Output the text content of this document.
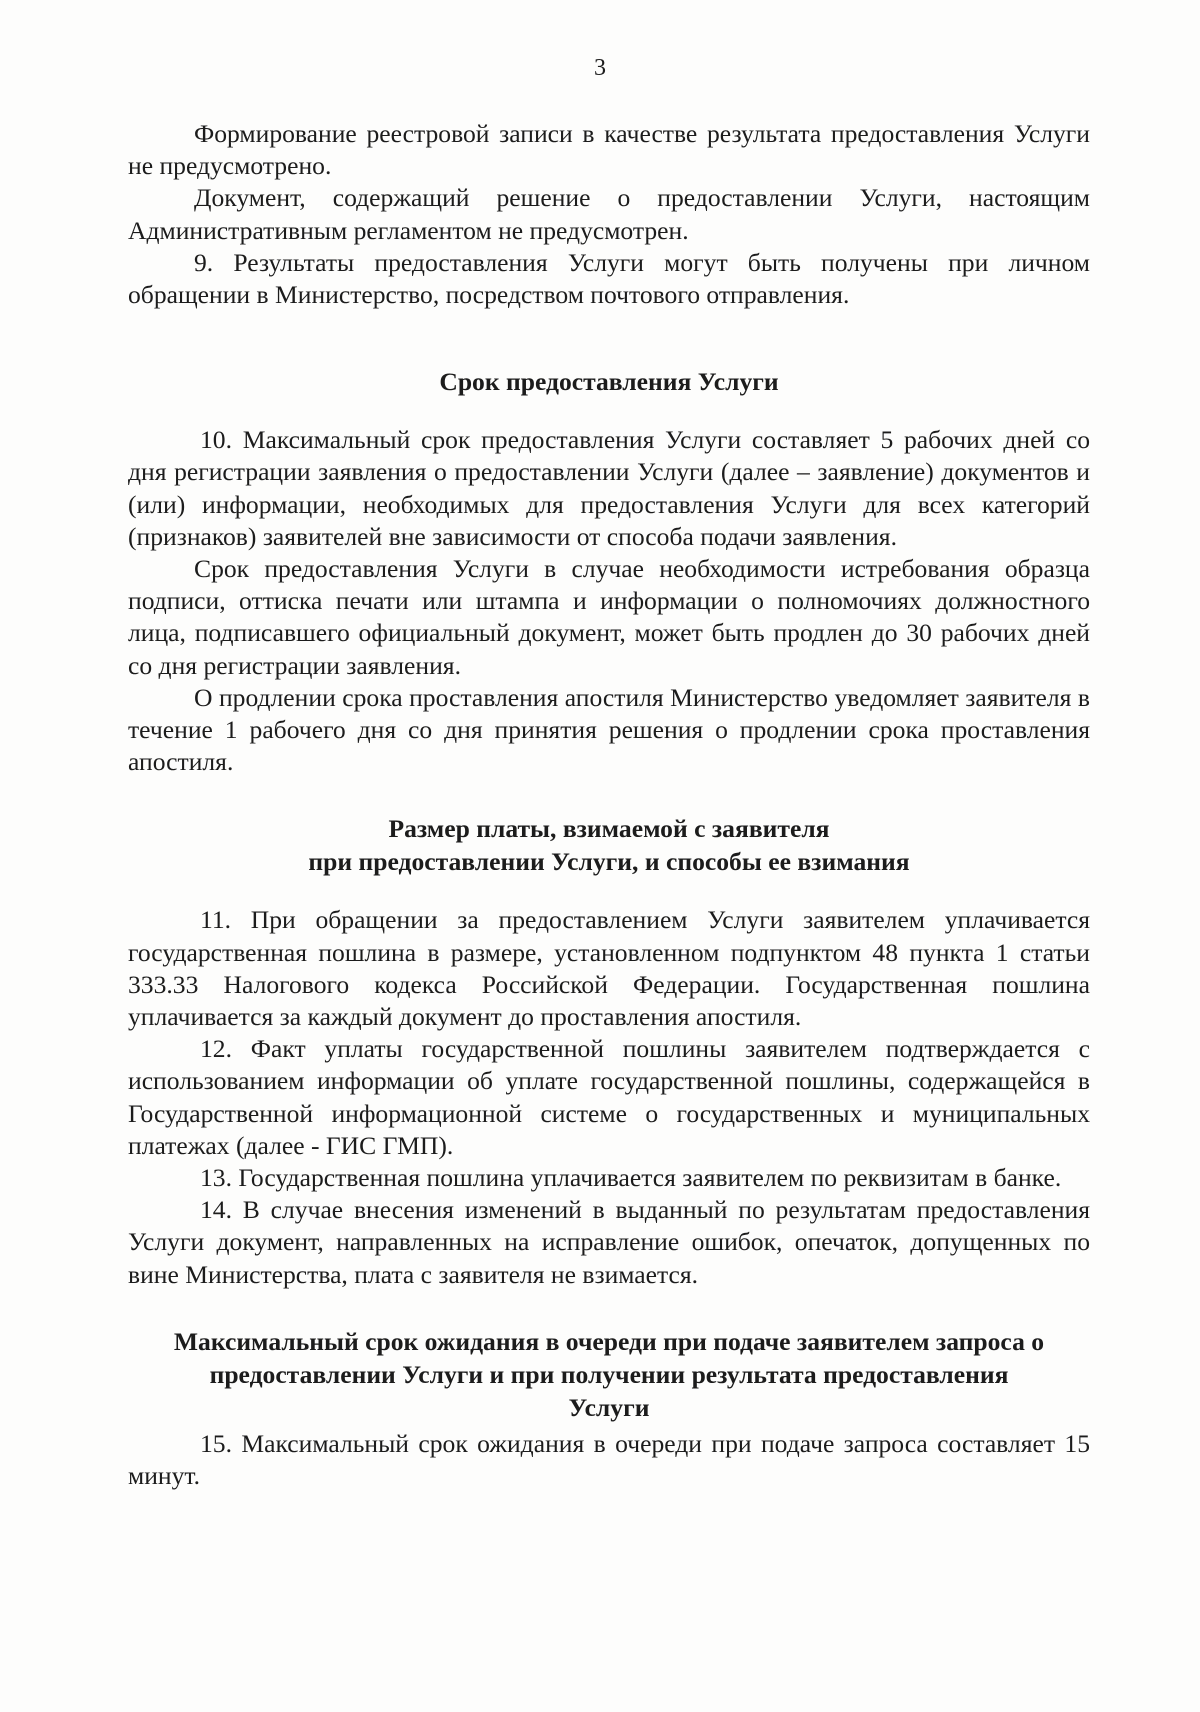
3

Формирование реестровой записи в качестве результата предоставления Услуги не предусмотрено.

Документ, содержащий решение о предоставлении Услуги, настоящим Административным регламентом не предусмотрен.

9. Результаты предоставления Услуги могут быть получены при личном обращении в Министерство, посредством почтового отправления.

Срок предоставления Услуги

10. Максимальный срок предоставления Услуги составляет 5 рабочих дней со дня регистрации заявления о предоставлении Услуги (далее – заявление) документов и (или) информации, необходимых для предоставления Услуги для всех категорий (признаков) заявителей вне зависимости от способа подачи заявления.

Срок предоставления Услуги в случае необходимости истребования образца подписи, оттиска печати или штампа и информации о полномочиях должностного лица, подписавшего официальный документ, может быть продлен до 30 рабочих дней со дня регистрации заявления.

О продлении срока проставления апостиля Министерство уведомляет заявителя в течение 1 рабочего дня со дня принятия решения о продлении срока проставления апостиля.

Размер платы, взимаемой с заявителя
при предоставлении Услуги, и способы ее взимания

11. При обращении за предоставлением Услуги заявителем уплачивается государственная пошлина в размере, установленном подпунктом 48 пункта 1 статьи 333.33 Налогового кодекса Российской Федерации. Государственная пошлина уплачивается за каждый документ до проставления апостиля.

12. Факт уплаты государственной пошлины заявителем подтверждается с использованием информации об уплате государственной пошлины, содержащейся в Государственной информационной системе о государственных и муниципальных платежах (далее - ГИС ГМП).

13. Государственная пошлина уплачивается заявителем по реквизитам в банке.

14. В случае внесения изменений в выданный по результатам предоставления Услуги документ, направленных на исправление ошибок, опечаток, допущенных по вине Министерства, плата с заявителя не взимается.

Максимальный срок ожидания в очереди при подаче заявителем запроса о
предоставлении Услуги и при получении результата предоставления
Услуги

15. Максимальный срок ожидания в очереди при подаче запроса составляет 15 минут.
